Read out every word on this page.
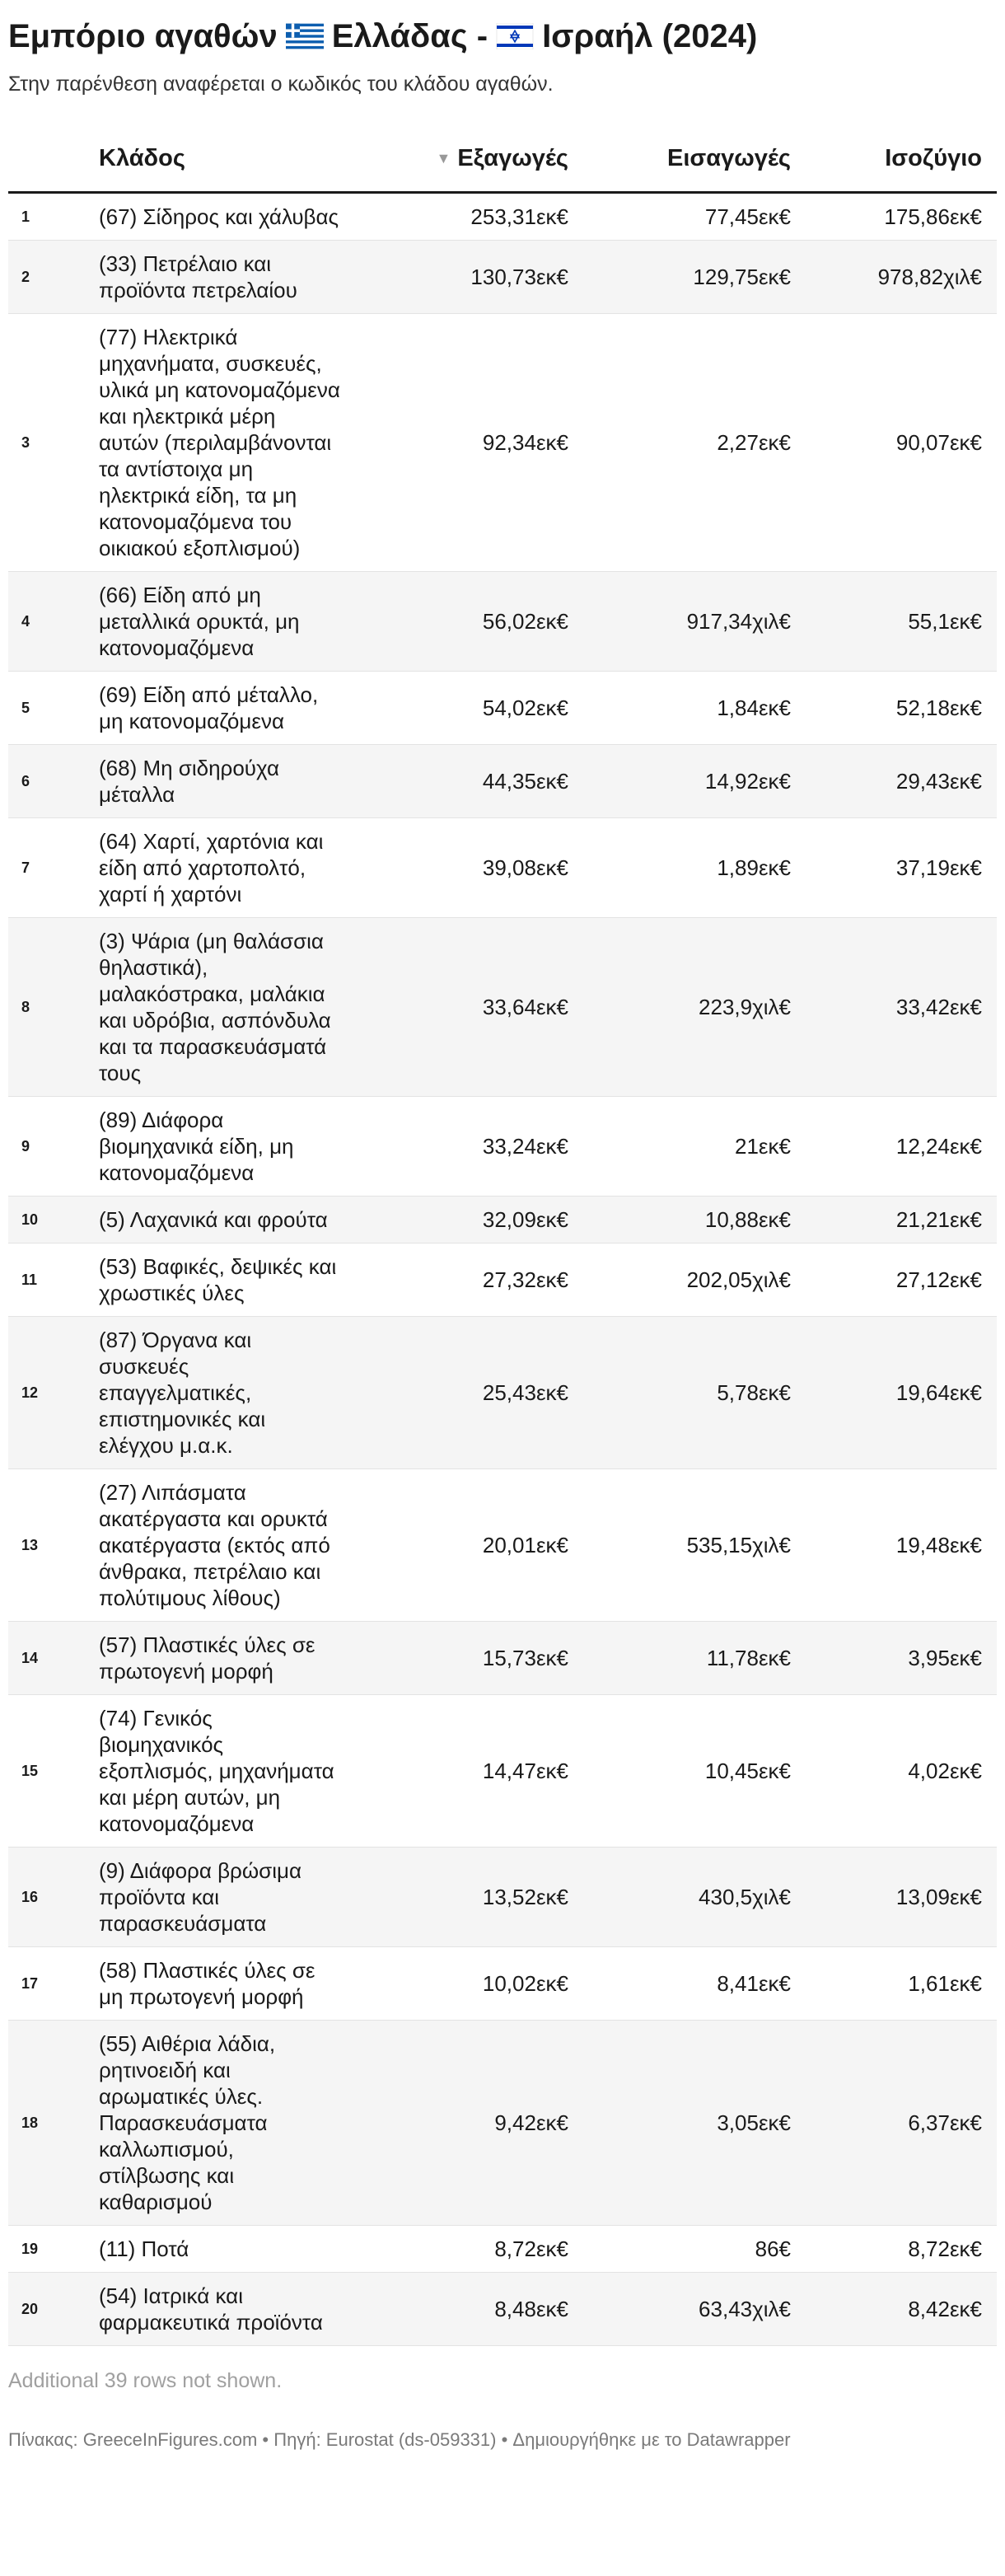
Εμπόριο αγαθών Ελλάδας - Ισραήλ (2024)
Στην παρένθεση αναφέρεται ο κωδικός του κλάδου αγαθών.
	Κλάδος	▼ Εξαγωγές	Εισαγωγές	Ισοζύγιο
1	(67) Σίδηρος και χάλυβας	253,31εκ€	77,45εκ€	175,86εκ€
2	(33) Πετρέλαιο και προϊόντα πετρελαίου	130,73εκ€	129,75εκ€	978,82χιλ€
3	(77) Ηλεκτρικά μηχανήματα, συσκευές, υλικά μη κατονομαζόμενα και ηλεκτρικά μέρη αυτών (περιλαμβάνονται τα αντίστοιχα μη ηλεκτρικά είδη, τα μη κατονομαζόμενα του οικιακού εξοπλισμού)	92,34εκ€	2,27εκ€	90,07εκ€
4	(66) Είδη από μη μεταλλικά ορυκτά, μη κατονομαζόμενα	56,02εκ€	917,34χιλ€	55,1εκ€
5	(69) Είδη από μέταλλο, μη κατονομαζόμενα	54,02εκ€	1,84εκ€	52,18εκ€
6	(68) Μη σιδηρούχα μέταλλα	44,35εκ€	14,92εκ€	29,43εκ€
7	(64) Χαρτί, χαρτόνια και είδη από χαρτοπολτό, χαρτί ή χαρτόνι	39,08εκ€	1,89εκ€	37,19εκ€
8	(3) Ψάρια (μη θαλάσσια θηλαστικά), μαλακόστρακα, μαλάκια και υδρόβια, ασπόνδυλα και τα παρασκευάσματά τους	33,64εκ€	223,9χιλ€	33,42εκ€
9	(89) Διάφορα βιομηχανικά είδη, μη κατονομαζόμενα	33,24εκ€	21εκ€	12,24εκ€
10	(5) Λαχανικά και φρούτα	32,09εκ€	10,88εκ€	21,21εκ€
11	(53) Βαφικές, δεψικές και χρωστικές ύλες	27,32εκ€	202,05χιλ€	27,12εκ€
12	(87) Όργανα και συσκευές επαγγελματικές, επιστημονικές και ελέγχου μ.α.κ.	25,43εκ€	5,78εκ€	19,64εκ€
13	(27) Λιπάσματα ακατέργαστα και ορυκτά ακατέργαστα (εκτός από άνθρακα, πετρέλαιο και πολύτιμους λίθους)	20,01εκ€	535,15χιλ€	19,48εκ€
14	(57) Πλαστικές ύλες σε πρωτογενή μορφή	15,73εκ€	11,78εκ€	3,95εκ€
15	(74) Γενικός βιομηχανικός εξοπλισμός, μηχανήματα και μέρη αυτών, μη κατονομαζόμενα	14,47εκ€	10,45εκ€	4,02εκ€
16	(9) Διάφορα βρώσιμα προϊόντα και παρασκευάσματα	13,52εκ€	430,5χιλ€	13,09εκ€
17	(58) Πλαστικές ύλες σε μη πρωτογενή μορφή	10,02εκ€	8,41εκ€	1,61εκ€
18	(55) Αιθέρια λάδια, ρητινοειδή και αρωματικές ύλες. Παρασκευάσματα καλλωπισμού, στίλβωσης και καθαρισμού	9,42εκ€	3,05εκ€	6,37εκ€
19	(11) Ποτά	8,72εκ€	86€	8,72εκ€
20	(54) Ιατρικά και φαρμακευτικά προϊόντα	8,48εκ€	63,43χιλ€	8,42εκ€
Additional 39 rows not shown.
Πίνακας: GreeceInFigures.com • Πηγή: Eurostat (ds-059331) • Δημιουργήθηκε με το Datawrapper
